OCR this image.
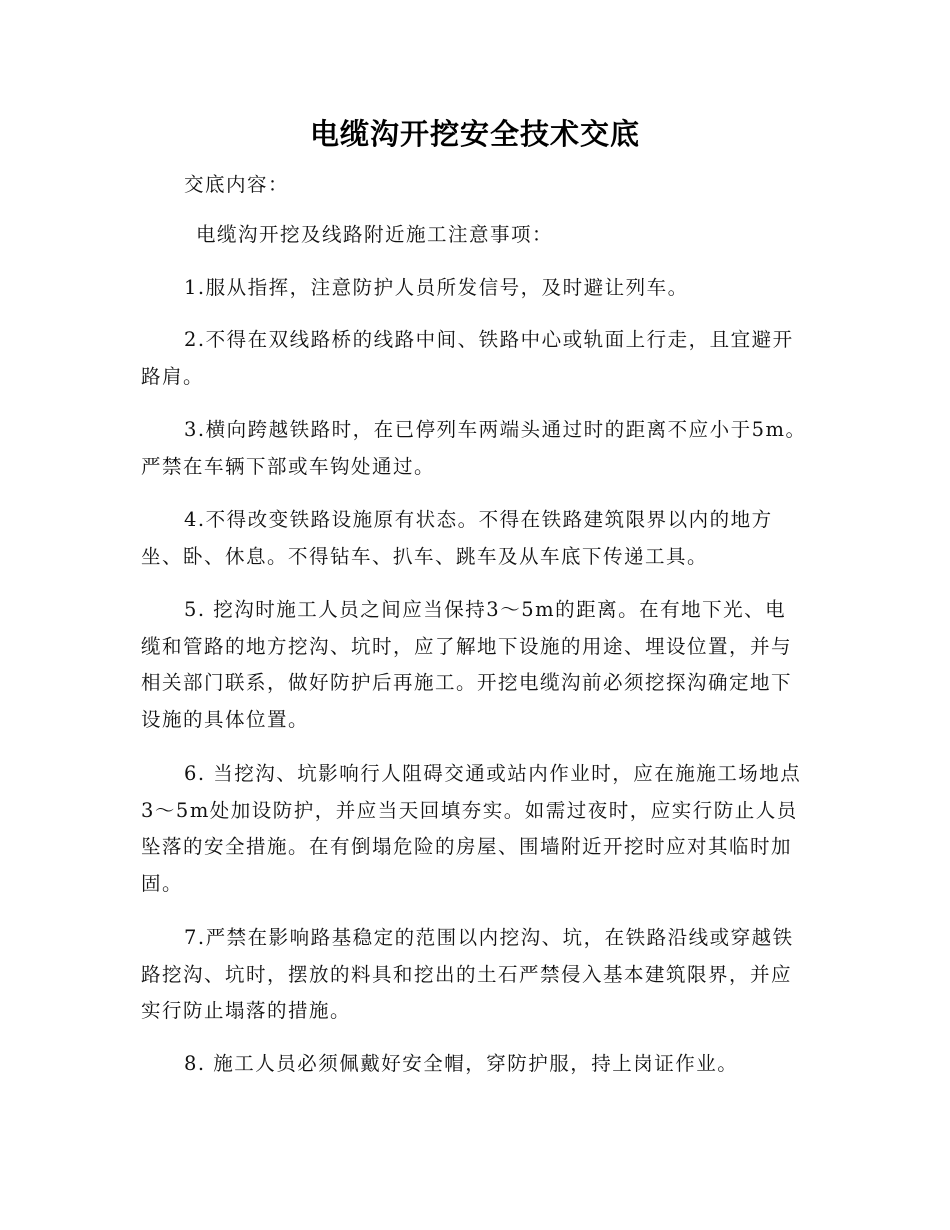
电缆沟开挖安全技术交底

交底内容：

电缆沟开挖及线路附近施工注意事项：

1.服从指挥，注意防护人员所发信号，及时避让列车。

2.不得在双线路桥的线路中间、铁路中心或轨面上行走，且宜避开路肩。

3.横向跨越铁路时，在已停列车两端头通过时的距离不应小于5m。严禁在车辆下部或车钩处通过。

4.不得改变铁路设施原有状态。不得在铁路建筑限界以内的地方坐、卧、休息。不得钻车、扒车、跳车及从车底下传递工具。

5. 挖沟时施工人员之间应当保持3～5m的距离。在有地下光、电缆和管路的地方挖沟、坑时，应了解地下设施的用途、埋设位置，并与相关部门联系，做好防护后再施工。开挖电缆沟前必须挖探沟确定地下设施的具体位置。

6. 当挖沟、坑影响行人阻碍交通或站内作业时，应在施施工场地点3～5m处加设防护，并应当天回填夯实。如需过夜时，应实行防止人员坠落的安全措施。在有倒塌危险的房屋、围墙附近开挖时应对其临时加固。

7.严禁在影响路基稳定的范围以内挖沟、坑，在铁路沿线或穿越铁路挖沟、坑时，摆放的料具和挖出的土石严禁侵入基本建筑限界，并应实行防止塌落的措施。

8. 施工人员必须佩戴好安全帽，穿防护服，持上岗证作业。
